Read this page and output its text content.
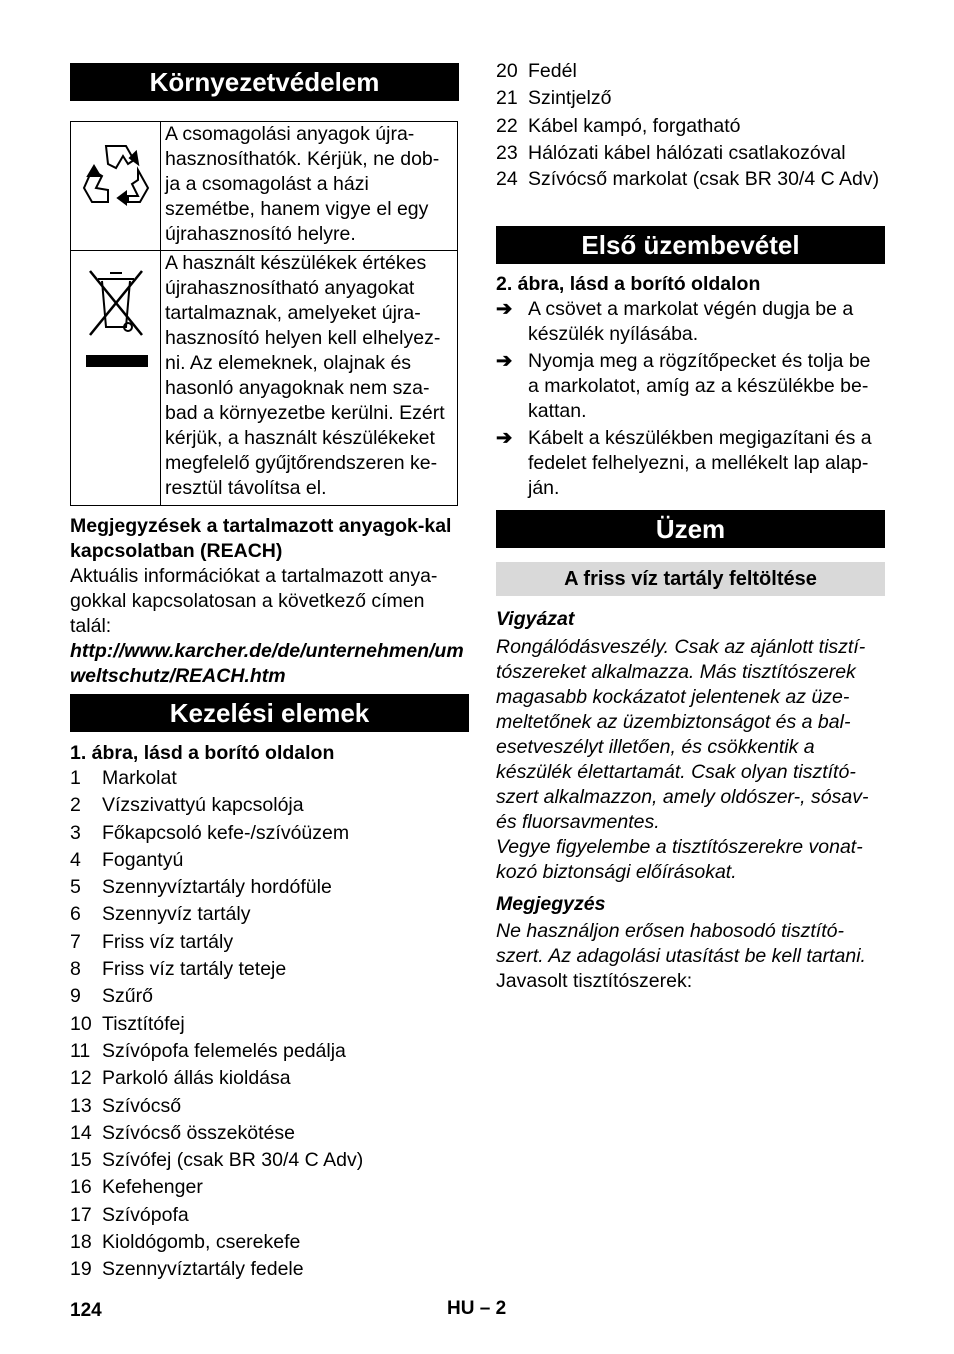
Környezetvédelem
	A csomagolási anyagok újra-hasznosíthatók. Kérjük, ne dob-ja a csomagolást a házi szemétbe, hanem vigye el egy újrahasznosító helyre.
	A használt készülékek értékes újrahasznosítható anyagokat tartalmaznak, amelyeket újra-hasznosító helyen kell elhelyez-ni. Az elemeknek, olajnak és hasonló anyagoknak nem sza-bad a környezetbe kerülni. Ezért kérjük, a használt készülékeket megfelelő gyűjtőrendszeren ke-resztül távolítsa el.
Megjegyzések a tartalmazott anyagok-kal kapcsolatban (REACH)
Aktuális információkat a tartalmazott anya-gokkal kapcsolatosan a következő címen talál:
http://www.karcher.de/de/unternehmen/umweltschutz/REACH.htm
Kezelési elemek
1. ábra, lásd a borító oldalon
1	Markolat
2	Vízszivattyú kapcsolója
3	Főkapcsoló kefe-/szívóüzem
4	Fogantyú
5	Szennyvíztartály hordófüle
6	Szennyvíz tartály
7	Friss víz tartály
8	Friss víz tartály teteje
9	Szűrő
10 Tisztítófej
11 Szívópofa felemelés pedálja
12 Parkoló állás kioldása
13 Szívócső
14 Szívócső összekötése
15 Szívófej (csak BR 30/4 C Adv)
16 Kefehenger
17 Szívópofa
18 Kioldógomb, cserekefe
19 Szennyvíztartály fedele
20 Fedél
21 Szintjelző
22 Kábel kampó, forgatható
23 Hálózati kábel hálózati csatlakozóval
24 Szívócső markolat (csak BR 30/4 C Adv)
Első üzembevétel
2. ábra, lásd a borító oldalon
➔ A csövet a markolat végén dugja be a készülék nyílásába.
➔ Nyomja meg a rögzítőpecket és tolja be a markolatot, amíg az a készülékbe be-kattan.
➔ Kábelt a készülékben megigazítani és a fedelet felhelyezni, a mellékelt lap alap-ján.
Üzem
A friss víz tartály feltöltése
Vigyázat
Rongálódásveszély. Csak az ajánlott tisztí-tószereket alkalmazza. Más tisztítószerek magasabb kockázatot jelentenek az üze-meltetőnek az üzembiztonságot és a bal-esetveszélyt illetően, és csökkentik a készülék élettartamát. Csak olyan tisztító-szert alkalmazzon, amely oldószer-, sósav- és fluorsavmentes.
Vegye figyelembe a tisztítószerekre vonat-kozó biztonsági előírásokat.
Megjegyzés
Ne használjon erősen habosodó tisztító-szert. Az adagolási utasítást be kell tartani.
Javasolt tisztítószerek:
124	HU – 2
